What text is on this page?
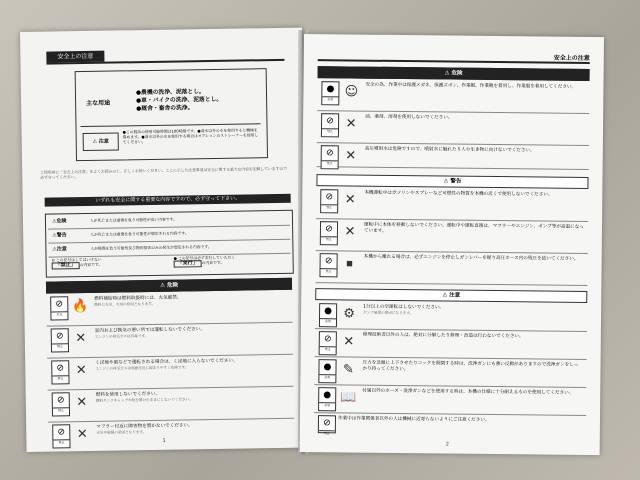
安全上の注意
主な用途
●農機の洗浄、泥落とし。
●車・バイクの洗浄、泥落とし。
●厩舎・畜舎の洗浄。
⚠ 注意
●この製品の使用可能時間は100時間です。●清水以外の水を使用すると機械を傷めます。●清水以外の水を使用する場合はオプションのストレーナーを使用してください。
ご使用前に「安全上の注意」をよくお読みの上、正しくお使いください。ここに示した注意事項は安全に関する重大な内容を記載していますので必ず守ってください。
いずれも安全に関する重要な内容ですので、必ず守って下さい。
⚠危険	人が死亡または重傷を負う可能性が高い内容です。
⚠警告	人が死亡または重傷を負う可能性が想定される内容です。
⚠注意	人が軽傷を負う可能性及び物的損害のみの発生が想定される内容です。
⊘ この記号はしてはいけない
「禁止」 の内容です。
● この記号は必ず実行していただく
「実行」 の内容です。
⚠ 危険
⊘
火気
🔥
燃料補給時は燃料取扱時には、火気厳禁。
燃料に火災、火炎の原因となります。
⊘
禁止
✕
室内および換気の悪い所では運転しないでください。
エンジンの排気ガスは有毒です。
⊘
禁止
✕
くぼ地や風などで運転される場合は、くぼ地に入らないでください。
エンジンの排気ガスは地面付近に溜まりやすく危険です。
⊘
禁止
✕
燃料を使用しないでください。
燃料タンクキャップや栓を開けたままにしないでください。
⊘
禁止
✕
マフラー付近に障害物を置かないでください。
火災や破損の原因となります。
1
安全上の注意
⚠ 危険
●
必須 ☺	安全の為、作業中は保護メガネ、保護ズボン、作業帽、作業靴を着用し、作業服を着用してください。
⊘
禁止 ✕	油、薬剤、溶剤を使用しないでください。
⊘
禁止 ✕	高圧噴射水は危険ですので、噴射水に触れたり人や生き物に向けないでください。
⚠ 警告
⊘
禁止 ✕	本機運転中はガソリンやスプレーなど可燃性の物質を本機の近くで使用しないでください。
⊘
禁止 ✕	運転中に本体を移動しないでください。運転中や運転直後は、マフラーやエンジン、ポンプ等が高温になっています。
⊘
禁止	⏹	本機から離れる場合は、必ずエンジンを停止しガンレバーを握り高圧ホース内の残圧を抜いてください。
⚠ 注意
●
必須 ⚙	1分以上の空運転はしないでください。
ポンプ破損の原因になります。
⊘
禁止 ✕	修理技術者以外の人は、絶対に分解したり修理・改造は行わないでください。
●
必須 ✎	圧力を急激に上下させたりコックを開閉する時は、洗浄ガンにも強い反動がありますので洗浄ガンをしっかり持ってください。
●
必須 📖	付属以外のホース・洗浄ガンなどを使用する時は、本機の仕様に十分耐えるものを使用してください。
⊘
禁止
作業中は作業関係者以外の人は機械に近寄らないようにご注意ください。
2
